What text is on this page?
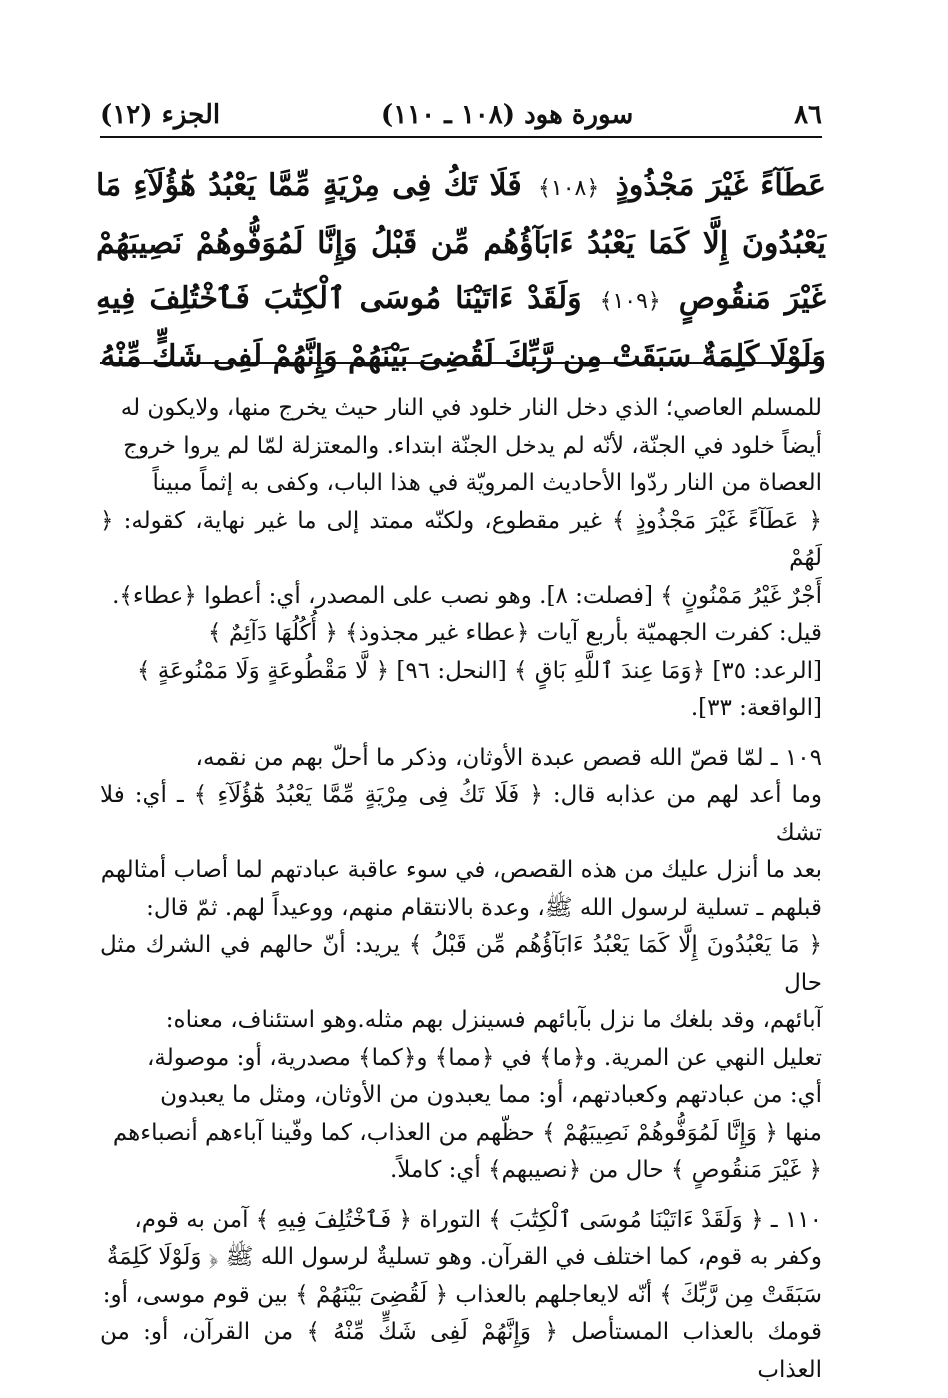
٨٦
سورة هود (١٠٨ ـ ١١٠)
الجزء (١٢)
عَطَآءً غَيْرَ مَجْذُوذٍ ﴿١٠٨﴾ فَلَا تَكُ فِى مِرْيَةٍ مِّمَّا يَعْبُدُ هَٰٓؤُلَآءِ مَا يَعْبُدُونَ إِلَّا كَمَا يَعْبُدُ ءَابَآؤُهُم مِّن قَبْلُ وَإِنَّا لَمُوَفُّوهُمْ نَصِيبَهُمْ غَيْرَ مَنقُوصٍ ﴿١٠٩﴾ وَلَقَدْ ءَاتَيْنَا مُوسَى ٱلْكِتَٰبَ فَٱخْتُلِفَ فِيهِ وَلَوْلَا كَلِمَةٌ سَبَقَتْ مِن رَّبِّكَ لَقُضِىَ بَيْنَهُمْ وَإِنَّهُمْ لَفِى شَكٍّ مِّنْهُ

للمسلم العاصي؛ الذي دخل النار خلود في النار حيث يخرج منها، ولايكون له

أيضاً خلود في الجنّة، لأنّه لم يدخل الجنّة ابتداء. والمعتزلة لمّا لم يروا خروج

العصاة من النار ردّوا الأحاديث المرويّة في هذا الباب، وكفى به إثماً مبيناً

﴿ عَطَآءً غَيْرَ مَجْذُوذٍ ﴾ غير مقطوع، ولكنّه ممتد إلى ما غير نهاية، كقوله: ﴿ لَهُمْ

أَجْرٌ غَيْرُ مَمْنُونٍ ﴾ [فصلت: ٨]. وهو نصب على المصدر، أي: أعطوا ﴿عطاء﴾.

قيل: كفرت الجهميّة بأربع آيات ﴿عطاء غير مجذوذ﴾ ﴿ أُكُلُهَا دَآئِمٌ ﴾

[الرعد: ٣٥] ﴿وَمَا عِندَ ٱللَّهِ بَاقٍ ﴾ [النحل: ٩٦] ﴿ لَّا مَقْطُوعَةٍ وَلَا مَمْنُوعَةٍ ﴾

[الواقعة: ٣٣].

١٠٩ ـ لمّا قصّ الله قصص عبدة الأوثان، وذكر ما أحلّ بهم من نقمه،

وما أعد لهم من عذابه قال: ﴿ فَلَا تَكُ فِى مِرْيَةٍ مِّمَّا يَعْبُدُ هَٰٓؤُلَآءِ ﴾ ـ أي: فلا تشك

بعد ما أنزل عليك من هذه القصص، في سوء عاقبة عبادتهم لما أصاب أمثالهم

قبلهم ـ تسلية لرسول الله ﷺ، وعدة بالانتقام منهم، ووعيداً لهم. ثمّ قال:

﴿ مَا يَعْبُدُونَ إِلَّا كَمَا يَعْبُدُ ءَابَآؤُهُم مِّن قَبْلُ ﴾ يريد: أنّ حالهم في الشرك مثل حال

آبائهم، وقد بلغك ما نزل بآبائهم فسينزل بهم مثله.وهو استئناف، معناه:

تعليل النهي عن المرية. و﴿ما﴾ في ﴿مما﴾ و﴿كما﴾ مصدرية، أو: موصولة،

أي: من عبادتهم وكعبادتهم، أو: مما يعبدون من الأوثان، ومثل ما يعبدون

منها ﴿ وَإِنَّا لَمُوَفُّوهُمْ نَصِيبَهُمْ ﴾ حظّهم من العذاب، كما وفّينا آباءهم أنصباءهم

﴿ غَيْرَ مَنقُوصٍ ﴾ حال من ﴿نصيبهم﴾ أي: كاملاً.

١١٠ ـ ﴿ وَلَقَدْ ءَاتَيْنَا مُوسَى ٱلْكِتَٰبَ ﴾ التوراة ﴿ فَٱخْتُلِفَ فِيهِ ﴾ آمن به قوم،

وكفر به قوم، كما اختلف في القرآن. وهو تسليةٌ لرسول الله ﷺ ﴿ وَلَوْلَا كَلِمَةٌ

سَبَقَتْ مِن رَّبِّكَ ﴾ أنّه لايعاجلهم بالعذاب ﴿ لَقُضِىَ بَيْنَهُمْ ﴾ بين قوم موسى، أو:

قومك بالعذاب المستأصل ﴿ وَإِنَّهُمْ لَفِى شَكٍّ مِّنْهُ ﴾ من القرآن، أو: من العذاب
